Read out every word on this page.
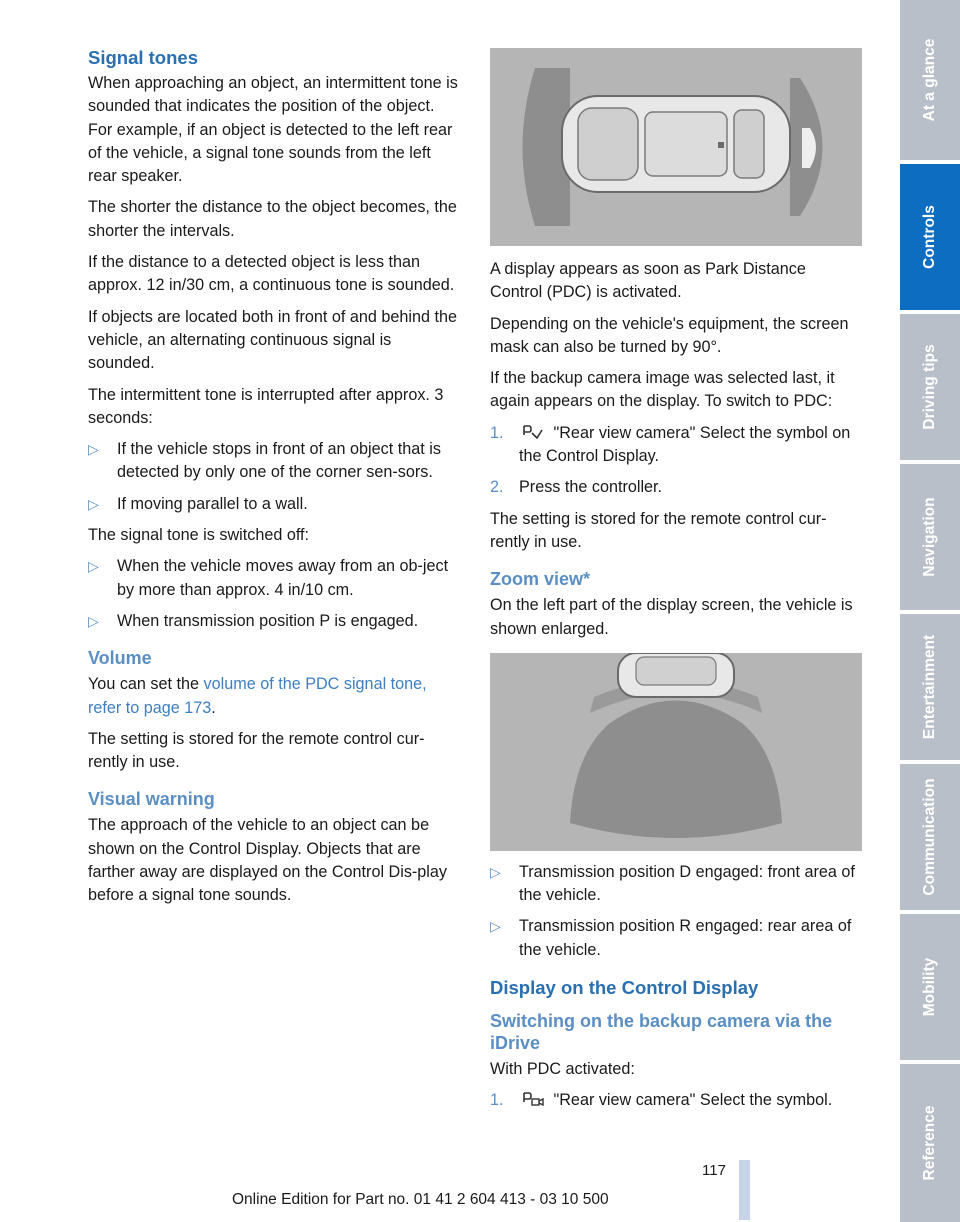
Signal tones

When approaching an object, an intermittent tone is sounded that indicates the position of the object. For example, if an object is detected to the left rear of the vehicle, a signal tone sounds from the left rear speaker.

The shorter the distance to the object becomes, the shorter the intervals.

If the distance to a detected object is less than approx. 12 in/30 cm, a continuous tone is sounded.

If objects are located both in front of and behind the vehicle, an alternating continuous signal is sounded.

The intermittent tone is interrupted after approx. 3 seconds:

▷ If the vehicle stops in front of an object that is detected by only one of the corner sen-sors.
▷ If moving parallel to a wall.

The signal tone is switched off:

▷ When the vehicle moves away from an ob-ject by more than approx. 4 in/10 cm.
▷ When transmission position P is engaged.
Volume

You can set the volume of the PDC signal tone, refer to page 173.

The setting is stored for the remote control cur-rently in use.

Visual warning

The approach of the vehicle to an object can be shown on the Control Display. Objects that are farther away are displayed on the Control Dis-play before a signal tone sounds.

A display appears as soon as Park Distance Control (PDC) is activated.

Depending on the vehicle's equipment, the screen mask can also be turned by 90°.

If the backup camera image was selected last, it again appears on the display. To switch to PDC:

1.	"Rear view camera" Select the symbol on the Control Display.
2. Press the controller.

The setting is stored for the remote control cur-rently in use.

Zoom view*

On the left part of the display screen, the vehicle is shown enlarged.

▷ Transmission position D engaged: front area of the vehicle.
▷ Transmission position R engaged: rear area of the vehicle.
Display on the Control Display
Switching on the backup camera via the iDrive

With PDC activated:

1.	"Rear view camera" Select the symbol.
At a glance
Controls
Driving tips
Navigation
Entertainment
Communication
Mobility
Reference
117
Online Edition for Part no. 01 41 2 604 413 - 03 10 500
